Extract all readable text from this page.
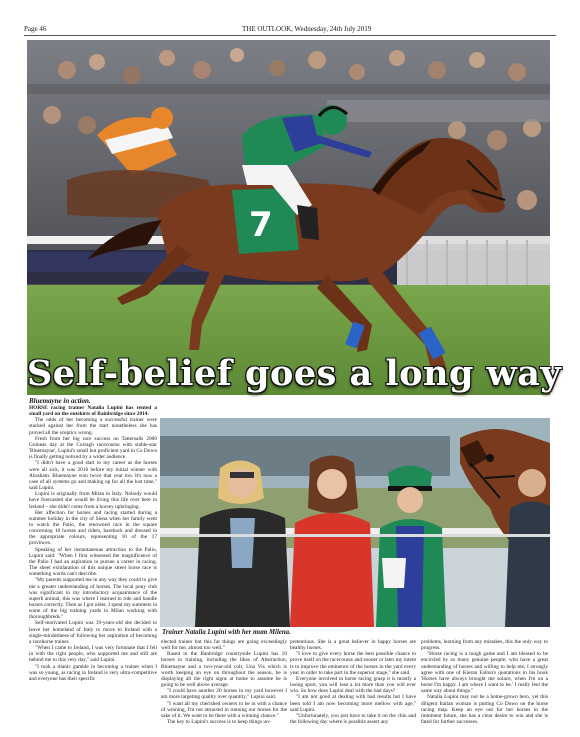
Page 46	THE OUTLOOK, Wednesday, 24th July 2019
7
Self-belief goes a long way
Bluemayne in action.

HORSE racing trainer Natalia Lupini has rented a small yard on the outskirts of Bainbridge since 2014.

The odds of her becoming a successful trainer were stacked against her from the start nonetheless she has proved all the sceptics wrong.

Fresh from her big race success on Tattersalls 2000 Guineas day at the Curragh racecourse with stable-star 'Bluemayne', Lupini's small but proficient yard in Co Down is finally getting noticed by a wider audience.

"I didn't have a good start to my career as the horses were all sick, it was 2016 before my initial winner with Abraham. Bluemayne won twice that year too. It's now a case of all systems go and making up for all the lost time," said Lupini.

Lupini is originally from Milan in Italy. Nobody would have forecasted she would be living this life over here in Ireland – she didn't come from a horsey upbringing.

Her affection for horses and racing started during a summer holiday in the city of Siena when her family went to watch the Palio, the renowned race in the square concerning 10 horses and riders, bareback and dressed in the appropriate colours, representing 10 of the 17 provinces.

Speaking of her instantaneous attraction to the Palio, Lupini said: "When I first witnessed the magnificence of the Palio I had an aspiration to pursue a career in racing. The sheer exhilaration of this unique street horse race is something words can't describe.

"My parents supported me in any way they could to give me a greater understanding of horses. The local pony club was significant in my introductory acquaintance of the superb animal, this was where I learned to ride and handle horses correctly. Then as I got older, I spent my summers in some of the big training yards in Milan working with thoroughbreds."

Self-motivated Lupini was 19-years-old she decided to leave her homeland of Italy to move to Ireland with a single-mindedness of following her aspiration of becoming a racehorse trainer.

"When I came to Ireland, I was very fortunate that I fell in with the right people, who supported me and still are behind me to this very day," said Lupini.

"I took a titanic gamble in becoming a trainer when I was so young, as racing in Ireland is very ultra-competitive and everyone has their specific

Trainer Natalia Lupini with her mum Milena.

elected trainer but this far things are going exceedingly well for me, almost too well."

Based in the Banbridge countryside Lupini has 10 horses in training, including the likes of Abstraction, Bluemayne and a two-year-old colt, Una Vis which is worth keeping an eye on throughout the season, he is displaying all the right signs at home to assume he is going to be well above average.

"I could have another 20 horses in my yard however I am more targeting quality over quantity," Lupini said.

"I want all my cherished owners to be in with a chance of winning, I'm not attracted in running our horses for the sake of it. We want to be there with a winning chance."

The key to Lupini's success is to keep things un-

pretentious. She is a great believer in happy horses are healthy horses.

"I love to give every horse the best possible chance to prove itself on the racecourse and sooner or later my intent is to improve the eminence of the horses in the yard every year in order to take part in the superior stage," she said.

Everyone involved in horse racing grasp it is mostly a losing sport, you will lose a lot more than you will ever win. So how does Lupini deal with the bad days?

"I am not good at dealing with bad results but I have been told I am now becoming more mellow with age," said Lupini.

"Unfortunately, you just have to take it on the chin and the following day where is possible assert any

problems, learning from any mistakes, this the only way to progress.

"Horse racing is a tough game and I am blessed to be encircled by so many genuine people; who have a great understanding of horses and willing to help me; I strongly agree with one of Kieran Fallon's quotations in his book 'Horses have always brought me solace, when I'm on a horse I'm happy. I am where I want to be.' I really feel the same way about things."

Natalia Lupini may not be a home-grown hero, yet this diligent Italian woman is putting Co Down on the horse racing map. Keep an eye out for her horses in the imminent future, she has a clear desire to win and she is fated for further successes.
